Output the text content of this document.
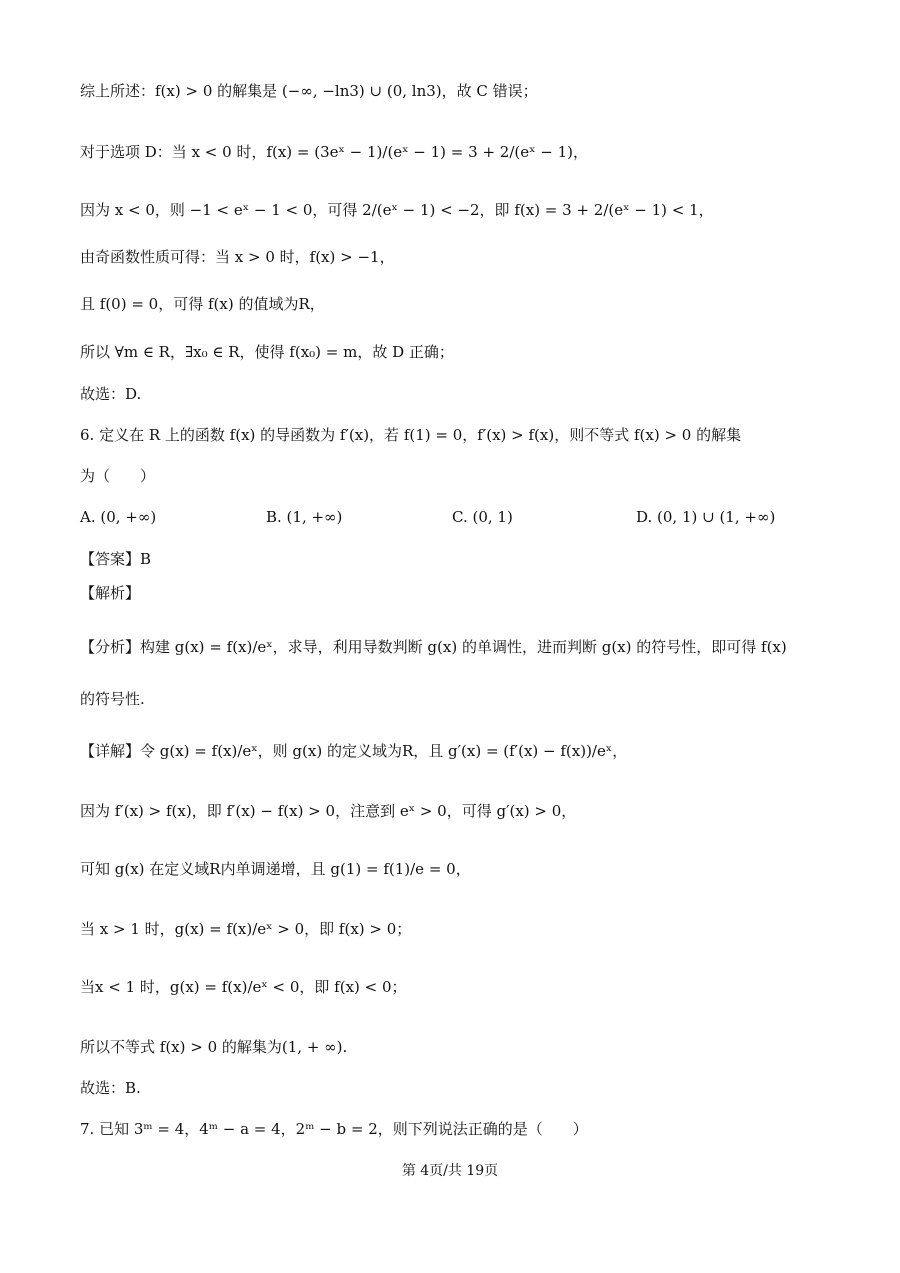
综上所述：f(x) > 0 的解集是 (−∞, −ln3) ∪ (0, ln3)，故 C 错误；
对于选项 D：当 x < 0 时，f(x) = (3eˣ − 1)/(eˣ − 1) = 3 + 2/(eˣ − 1)，
因为 x < 0，则 −1 < eˣ − 1 < 0，可得 2/(eˣ − 1) < −2，即 f(x) = 3 + 2/(eˣ − 1) < 1，
由奇函数性质可得：当 x > 0 时，f(x) > −1，
且 f(0) = 0，可得 f(x) 的值域为R，
所以 ∀m ∈ R，∃x₀ ∈ R，使得 f(x₀) = m，故 D 正确；
故选：D.
6. 定义在 R 上的函数 f(x) 的导函数为 f′(x)，若 f(1) = 0，f′(x) > f(x)，则不等式 f(x) > 0 的解集
为（　　）
A. (0, +∞)	B. (1, +∞)	C. (0, 1)	D. (0, 1) ∪ (1, +∞)
【答案】B
【解析】
【分析】构建 g(x) = f(x)/eˣ，求导，利用导数判断 g(x) 的单调性，进而判断 g(x) 的符号性，即可得 f(x)
的符号性.
【详解】令 g(x) = f(x)/eˣ，则 g(x) 的定义域为R，且 g′(x) = (f′(x) − f(x))/eˣ，
因为 f′(x) > f(x)，即 f′(x) − f(x) > 0，注意到 eˣ > 0，可得 g′(x) > 0，
可知 g(x) 在定义域R内单调递增，且 g(1) = f(1)/e = 0，
当 x > 1 时，g(x) = f(x)/eˣ > 0，即 f(x) > 0；
当x < 1 时，g(x) = f(x)/eˣ < 0，即 f(x) < 0；
所以不等式 f(x) > 0 的解集为(1, + ∞).
故选：B.
7. 已知 3ᵐ = 4，4ᵐ − a = 4，2ᵐ − b = 2，则下列说法正确的是（　　）
第 4页/共 19页
